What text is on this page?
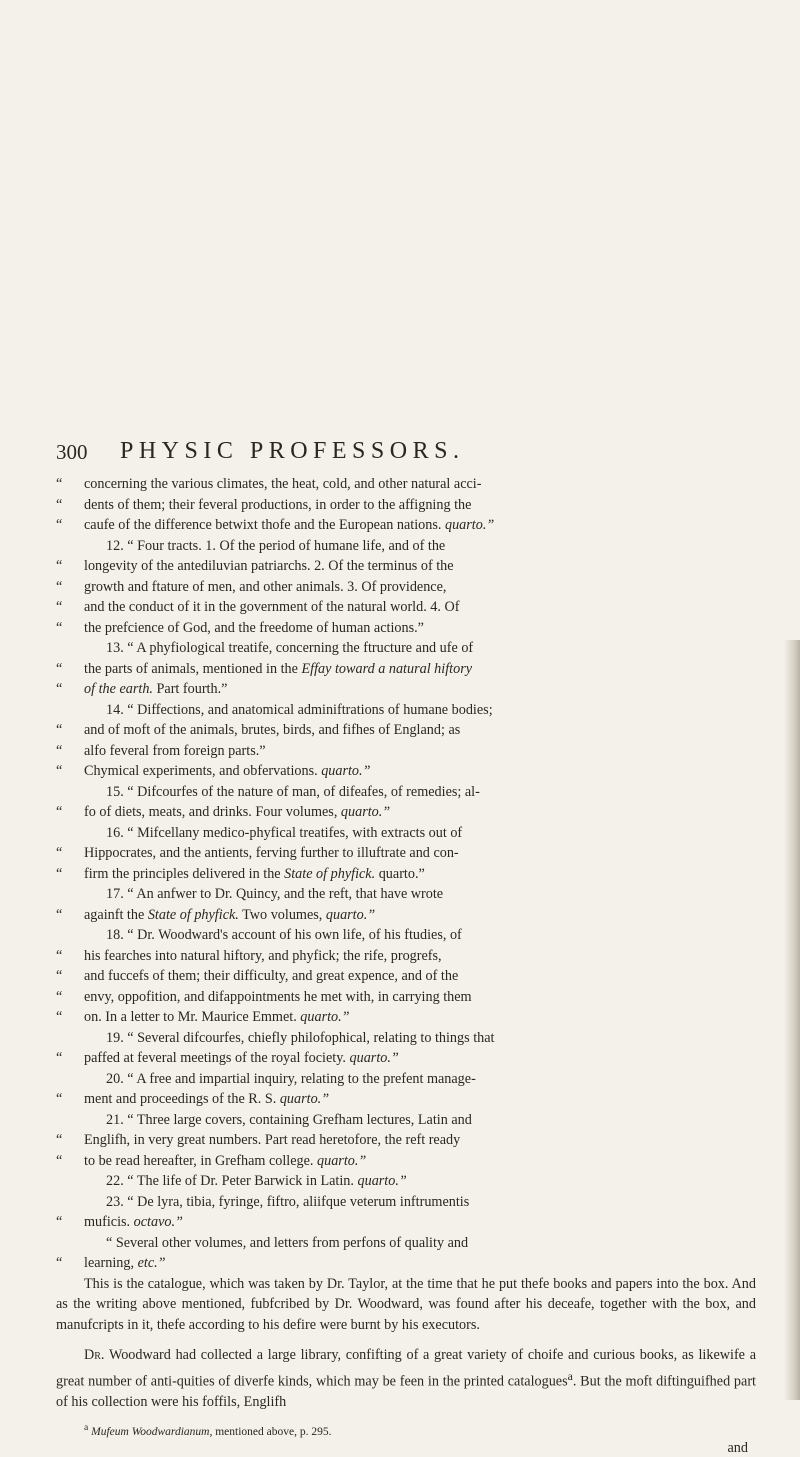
300 PHYSIC PROFESSORS.
“ concerning the various climates, the heat, cold, and other natural acci-
“ dents of them; their feveral productions, in order to the affigning the
“ caufe of the difference betwixt thofe and the European nations. quarto.”
12. “ Four tracts. 1. Of the period of humane life, and of the
“ longevity of the antediluvian patriarchs. 2. Of the terminus of the
“ growth and ftature of men, and other animals. 3. Of providence,
“ and the conduct of it in the government of the natural world. 4. Of
“ the prefcience of God, and the freedome of human actions.”
13. “ A phyfiological treatife, concerning the ftructure and ufe of
“ the parts of animals, mentioned in the Effay toward a natural hiftory
“ of the earth. Part fourth.”
14. “ Diffections, and anatomical adminiftrations of humane bodies;
“ and of moft of the animals, brutes, birds, and fifhes of England; as
“ alfo feveral from foreign parts.”
“ Chymical experiments, and obfervations. quarto.”
15. “ Difcourfes of the nature of man, of difeafes, of remedies; al-
“ fo of diets, meats, and drinks. Four volumes, quarto.”
16. “ Mifcellany medico-phyfical treatifes, with extracts out of
“ Hippocrates, and the antients, ferving further to illuftrate and con-
“ firm the principles delivered in the State of phyfick. quarto.”
17. “ An anfwer to Dr. Quincy, and the reft, that have wrote
“ againft the State of phyfick. Two volumes, quarto.”
18. “ Dr. Woodward's account of his own life, of his ftudies, of
“ his fearches into natural hiftory, and phyfick; the rife, progrefs,
“ and fuccefs of them; their difficulty, and great expence, and of the
“ envy, oppofition, and difappointments he met with, in carrying them
“ on. In a letter to Mr. Maurice Emmet. quarto.”
19. “ Several difcourfes, chiefly philofophical, relating to things that
“ paffed at feveral meetings of the royal fociety. quarto.”
20. “ A free and impartial inquiry, relating to the prefent manage-
“ ment and proceedings of the R. S. quarto.”
21. “ Three large covers, containing Grefham lectures, Latin and
“ Englifh, in very great numbers. Part read heretofore, the reft ready
“ to be read hereafter, in Grefham college. quarto.”
22. “ The life of Dr. Peter Barwick in Latin. quarto.”
23. “ De lyra, tibia, fyringe, fiftro, aliifque veterum inftrumentis
“ muficis. octavo.”
“ Several other volumes, and letters from perfons of quality and
“ learning, etc.”
This is the catalogue, which was taken by Dr. Taylor, at the time that he put thefe books and papers into the box. And as the writing above mentioned, fubfcribed by Dr. Woodward, was found after his deceafe, together with the box, and manufcripts in it, thefe according to his defire were burnt by his executors.
Dr. Woodward had collected a large library, confifting of a great variety of choife and curious books, as likewife a great number of anti-quities of diverfe kinds, which may be feen in the printed catalogues$^a$. But the moft diftinguifhed part of his collection were his foffils, Englifh
$^a$ Mufeum Woodwardianum, mentioned above, p. 295.
and
